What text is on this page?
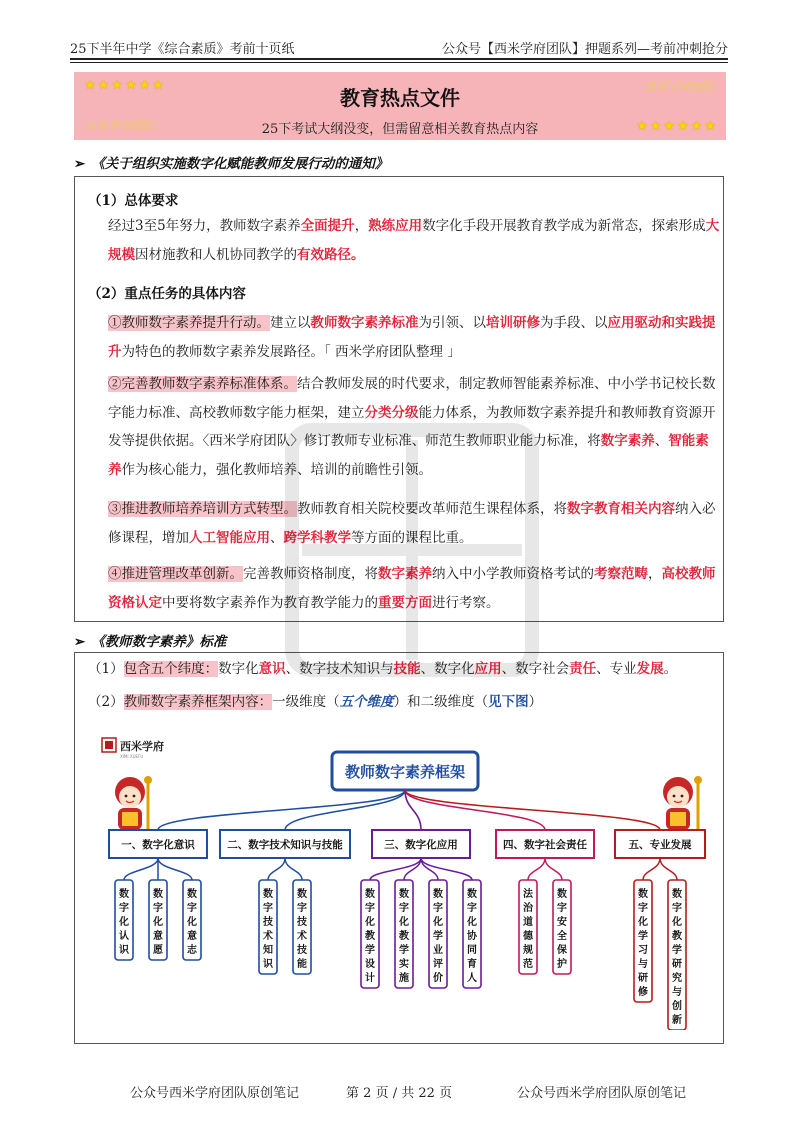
25下半年中学《综合素质》考前十页纸	公众号【西米学府团队】押题系列—考前冲刺抢分
★★★★★★	西米学府团队
教育热点文件
西米学府团队	25下考试大纲没变，但需留意相关教育热点内容	★★★★★★
➢ 《关于组织实施数字化赋能教师发展行动的通知》
（1）总体要求
经过3至5年努力，教师数字素养全面提升，熟练应用数字化手段开展教育教学成为新常态，探索形成大规模因材施教和人机协同教学的有效路径。
（2）重点任务的具体内容
①教师数字素养提升行动。建立以教师数字素养标准为引领、以培训研修为手段、以应用驱动和实践提升为特色的教师数字素养发展路径。「 西米学府团队整理 」
②完善教师数字素养标准体系。结合教师发展的时代要求，制定教师智能素养标准、中小学书记校长数字能力标准、高校教师数字能力框架，建立分类分级能力体系，为教师数字素养提升和教师教育资源开发等提供依据。〈西米学府团队〉修订教师专业标准、师范生教师职业能力标准，将数字素养、智能素养作为核心能力，强化教师培养、培训的前瞻性引领。
③推进教师培养培训方式转型。教师教育相关院校要改革师范生课程体系，将数字教育相关内容纳入必修课程，增加人工智能应用、跨学科教学等方面的课程比重。
④推进管理改革创新。完善教师资格制度，将数字素养纳入中小学教师资格考试的考察范畴，高校教师资格认定中要将数字素养作为教育教学能力的重要方面进行考察。
➢ 《教师数字素养》标准
（1）包含五个纬度：数字化意识、数字技术知识与技能、数字化应用、数字社会责任、专业发展。
（2）教师数字素养框架内容：一级维度（五个维度）和二级维度（见下图）
西米学府
XIMI XUEFU
教师数字素养框架
一、数字化意识
数字化认识
数字化意愿
数字化意志
二、数字技术知识与技能
数字技术知识
数字技术技能
三、数字化应用
数字化教学设计
数字化教学实施
数字化学业评价
数字化协同育人
四、数字社会责任
法治道德规范
数字安全保护
五、专业发展
数字化学习与研修
数字化教学研究与创新
公众号西米学府团队原创笔记	第 2 页 / 共 22 页	公众号西米学府团队原创笔记
